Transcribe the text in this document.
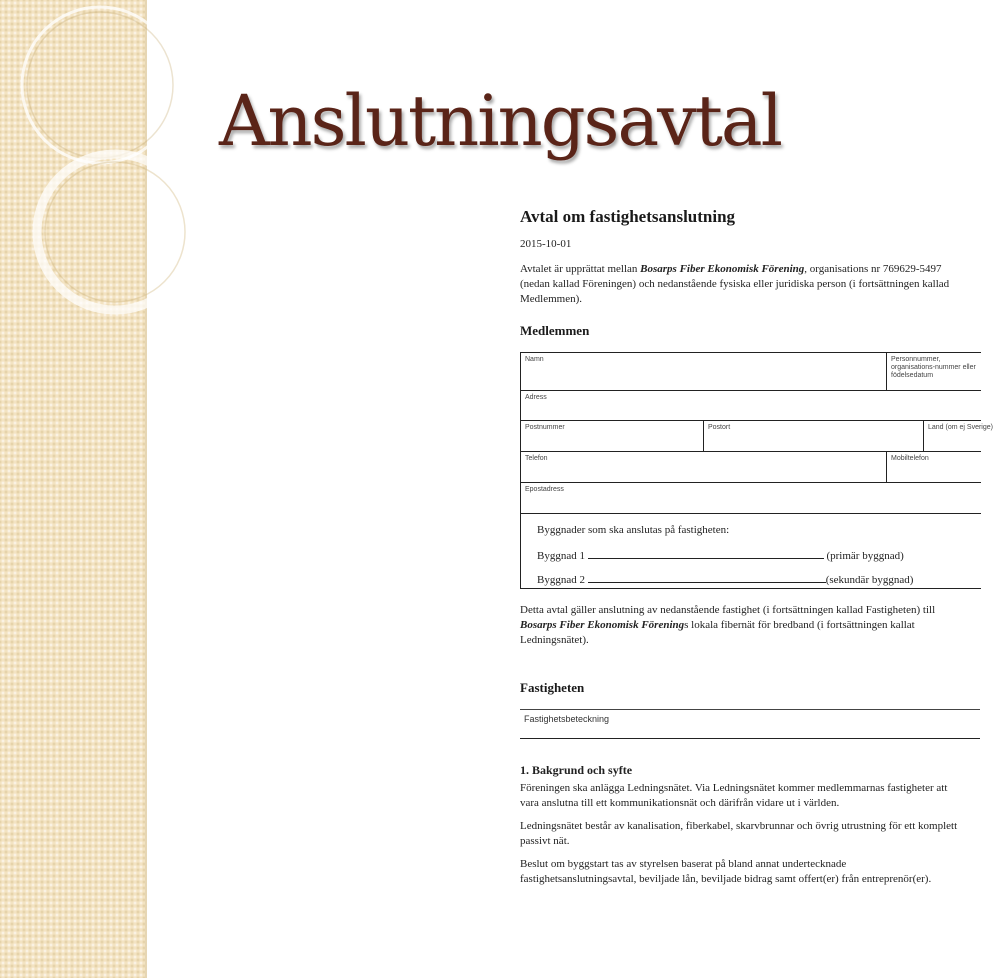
Anslutningsavtal
Avtal om fastighetsanslutning
2015-10-01
Avtalet är upprättat mellan Bosarps Fiber Ekonomisk Förening, organisations nr 769629-5497 (nedan kallad Föreningen) och nedanstående fysiska eller juridiska person (i fortsättningen kallad Medlemmen).
Medlemmen
Namn	Personnummer, organisations-nummer eller födelsedatum
Adress
Postnummer	Postort	Land (om ej Sverige)
Telefon	Mobiltelefon
Epostadress
Byggnader som ska anslutas på fastigheten:
Byggnad 1	(primär byggnad)
Byggnad 2	(sekundär byggnad)
Detta avtal gäller anslutning av nedanstående fastighet (i fortsättningen kallad Fastigheten) till Bosarps Fiber Ekonomisk Förenings lokala fibernät för bredband (i fortsättningen kallat Ledningsnätet).
Fastigheten
Fastighetsbeteckning
1. Bakgrund och syfte
Föreningen ska anlägga Ledningsnätet. Via Ledningsnätet kommer medlemmarnas fastigheter att vara anslutna till ett kommunikationsnät och därifrån vidare ut i världen.
Ledningsnätet består av kanalisation, fiberkabel, skarvbrunnar och övrig utrustning för ett komplett passivt nät.
Beslut om byggstart tas av styrelsen baserat på bland annat undertecknade fastighetsanslutningsavtal, beviljade lån, beviljade bidrag samt offert(er) från entreprenör(er).
